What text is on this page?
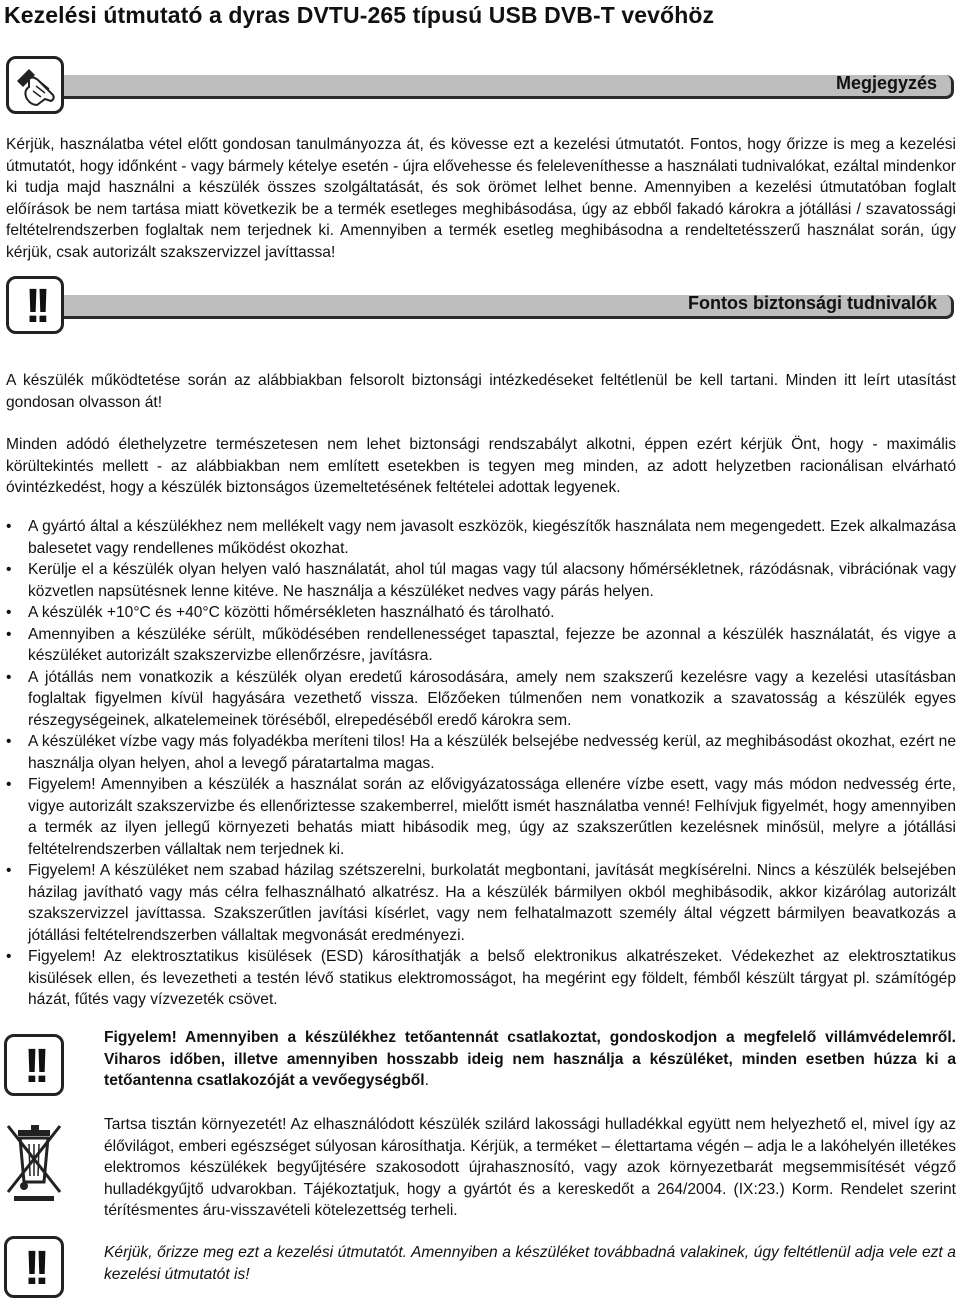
Kezelési útmutató a dyras DVTU-265 típusú USB DVB-T vevőhöz
Megjegyzés

Kérjük, használatba vétel előtt gondosan tanulmányozza át, és kövesse ezt a kezelési útmutatót. Fontos, hogy őrizze is meg a kezelési útmutatót, hogy időnként - vagy bármely kételye esetén - újra elővehesse és feleleveníthesse a használati tudnivalókat, ezáltal mindenkor ki tudja majd használni a készülék összes szolgáltatását, és sok örömet lelhet benne. Amennyiben a kezelési útmutatóban foglalt előírások be nem tartása miatt következik be a termék esetleges meghibásodása, úgy az ebből fakadó károkra a jótállási / szavatossági feltételrendszerben foglaltak nem terjednek ki. Amennyiben a termék esetleg meghibásodna a rendeltetésszerű használat során, úgy kérjük, csak autorizált szakszervizzel javíttassa!

Fontos biztonsági tudnivalók
!!

A készülék működtetése során az alábbiakban felsorolt biztonsági intézkedéseket feltétlenül be kell tartani. Minden itt leírt utasítást gondosan olvasson át!

Minden adódó élethelyzetre természetesen nem lehet biztonsági rendszabályt alkotni, éppen ezért kérjük Önt, hogy - maximális körültekintés mellett - az alábbiakban nem említett esetekben is tegyen meg minden, az adott helyzetben racionálisan elvárható óvintézkedést, hogy a készülék biztonságos üzemeltetésének feltételei adottak legyenek.

• A gyártó által a készülékhez nem mellékelt vagy nem javasolt eszközök, kiegészítők használata nem megengedett. Ezek alkalmazása balesetet vagy rendellenes működést okozhat.
• Kerülje el a készülék olyan helyen való használatát, ahol túl magas vagy túl alacsony hőmérsékletnek, rázódásnak, vibrációnak vagy közvetlen napsütésnek lenne kitéve. Ne használja a készüléket nedves vagy párás helyen.
• A készülék +10°C és +40°C közötti hőmérsékleten használható és tárolható.
• Amennyiben a készüléke sérült, működésében rendellenességet tapasztal, fejezze be azonnal a készülék használatát, és vigye a készüléket autorizált szakszervizbe ellenőrzésre, javításra.
• A jótállás nem vonatkozik a készülék olyan eredetű károsodására, amely nem szakszerű kezelésre vagy a kezelési utasításban foglaltak figyelmen kívül hagyására vezethető vissza. Előzőeken túlmenően nem vonatkozik a szavatosság a készülék egyes részegységeinek, alkatelemeinek töréséből, elrepedéséből eredő károkra sem.
• A készüléket vízbe vagy más folyadékba meríteni tilos! Ha a készülék belsejébe nedvesség kerül, az meghibásodást okozhat, ezért ne használja olyan helyen, ahol a levegő páratartalma magas.
• Figyelem! Amennyiben a készülék a használat során az elővigyázatossága ellenére vízbe esett, vagy más módon nedvesség érte, vigye autorizált szakszervizbe és ellenőriztesse szakemberrel, mielőtt ismét használatba venné! Felhívjuk figyelmét, hogy amennyiben a termék az ilyen jellegű környezeti behatás miatt hibásodik meg, úgy az szakszerűtlen kezelésnek minősül, melyre a jótállási feltételrendszerben vállaltak nem terjednek ki.
• Figyelem! A készüléket nem szabad házilag szétszerelni, burkolatát megbontani, javítását megkísérelni. Nincs a készülék belsejében házilag javítható vagy más célra felhasználható alkatrész. Ha a készülék bármilyen okból meghibásodik, akkor kizárólag autorizált szakszervizzel javíttassa. Szakszerűtlen javítási kísérlet, vagy nem felhatalmazott személy által végzett bármilyen beavatkozás a jótállási feltételrendszerben vállaltak megvonását eredményezi.
• Figyelem! Az elektrosztatikus kisülések (ESD) károsíthatják a belső elektronikus alkatrészeket. Védekezhet az elektrosztatikus kisülések ellen, és levezetheti a testén lévő statikus elektromosságot, ha megérint egy földelt, fémből készült tárgyat pl. számítógép házát, fűtés vagy vízvezeték csövet.
!!

Figyelem! Amennyiben a készülékhez tetőantennát csatlakoztat, gondoskodjon a megfelelő villámvédelemről. Viharos időben, illetve amennyiben hosszabb ideig nem használja a készüléket, minden esetben húzza ki a tetőantenna csatlakozóját a vevőegységből.

Tartsa tisztán környezetét! Az elhasználódott készülék szilárd lakossági hulladékkal együtt nem helyezhető el, mivel így az élővilágot, emberi egészséget súlyosan károsíthatja. Kérjük, a terméket – élettartama végén – adja le a lakóhelyén illetékes elektromos készülékek begyűjtésére szakosodott újrahasznosító, vagy azok környezetbarát megsemmisítését végző hulladékgyűjtő udvarokban. Tájékoztatjuk, hogy a gyártót és a kereskedőt a 264/2004. (IX:23.) Korm. Rendelet szerint térítésmentes áru-visszavételi kötelezettség terheli.

!!	Kérjük, őrizze meg ezt a kezelési útmutatót. Amennyiben a készüléket továbbadná valakinek, úgy feltétlenül adja vele ezt a kezelési útmutatót is!
